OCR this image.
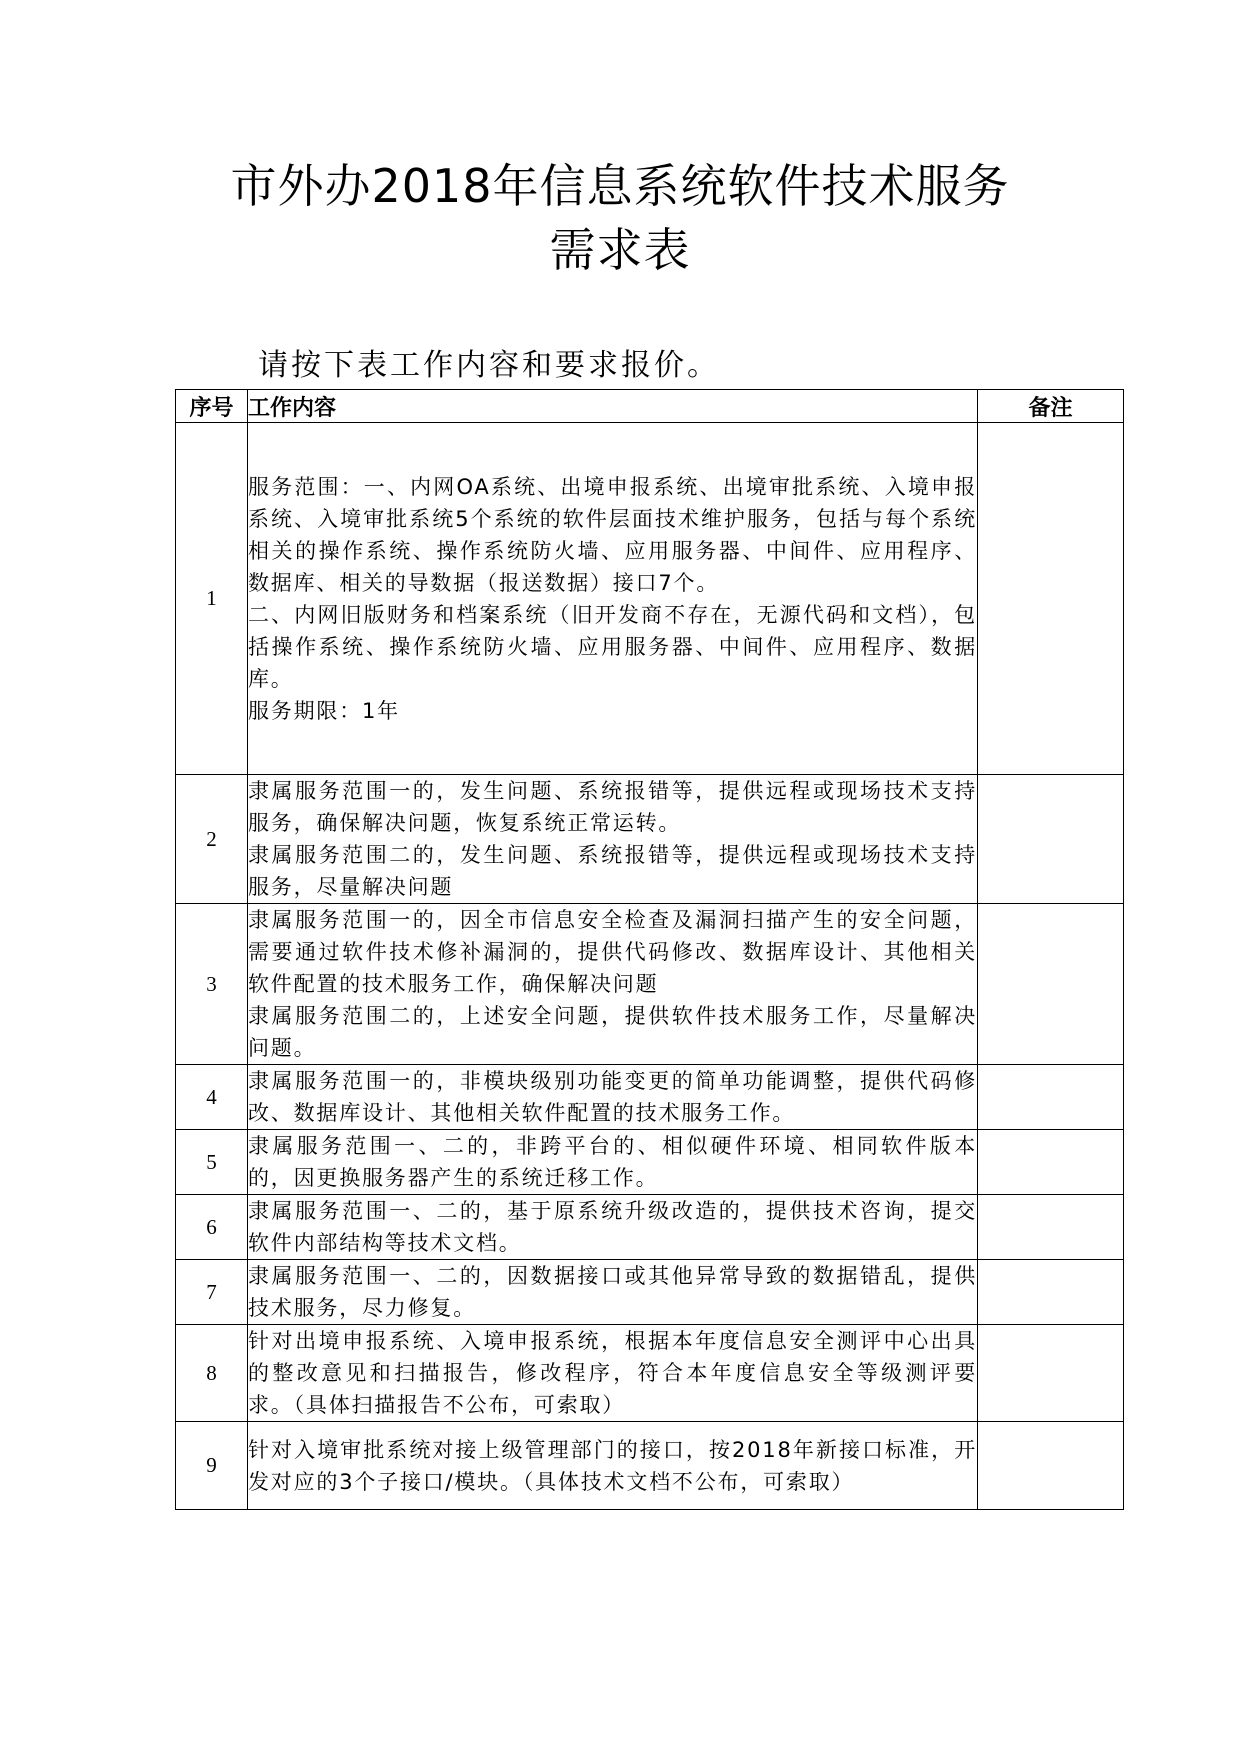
市外办2018年信息系统软件技术服务
需求表
请按下表工作内容和要求报价。
序号	工作内容	备注
1	服务范围：一、内网OA系统、出境申报系统、出境审批系统、入境申报系统、入境审批系统5个系统的软件层面技术维护服务，包括与每个系统相关的操作系统、操作系统防火墙、应用服务器、中间件、应用程序、数据库、相关的导数据（报送数据）接口7个。
二、内网旧版财务和档案系统（旧开发商不存在，无源代码和文档），包括操作系统、操作系统防火墙、应用服务器、中间件、应用程序、数据库。
服务期限：1年	

2	隶属服务范围一的，发生问题、系统报错等，提供远程或现场技术支持服务，确保解决问题，恢复系统正常运转。
隶属服务范围二的，发生问题、系统报错等，提供远程或现场技术支持服务，尽量解决问题	

3	隶属服务范围一的，因全市信息安全检查及漏洞扫描产生的安全问题，需要通过软件技术修补漏洞的，提供代码修改、数据库设计、其他相关软件配置的技术服务工作，确保解决问题
隶属服务范围二的，上述安全问题，提供软件技术服务工作，尽量解决问题。	

4	隶属服务范围一的，非模块级别功能变更的简单功能调整，提供代码修改、数据库设计、其他相关软件配置的技术服务工作。	

5	隶属服务范围一、二的，非跨平台的、相似硬件环境、相同软件版本的，因更换服务器产生的系统迁移工作。	

6	隶属服务范围一、二的，基于原系统升级改造的，提供技术咨询，提交软件内部结构等技术文档。	

7	隶属服务范围一、二的，因数据接口或其他异常导致的数据错乱，提供技术服务，尽力修复。	

8	针对出境申报系统、入境申报系统，根据本年度信息安全测评中心出具的整改意见和扫描报告，修改程序，符合本年度信息安全等级测评要求。（具体扫描报告不公布，可索取）	

9	针对入境审批系统对接上级管理部门的接口，按2018年新接口标准，开发对应的3个子接口/模块。（具体技术文档不公布，可索取）	
